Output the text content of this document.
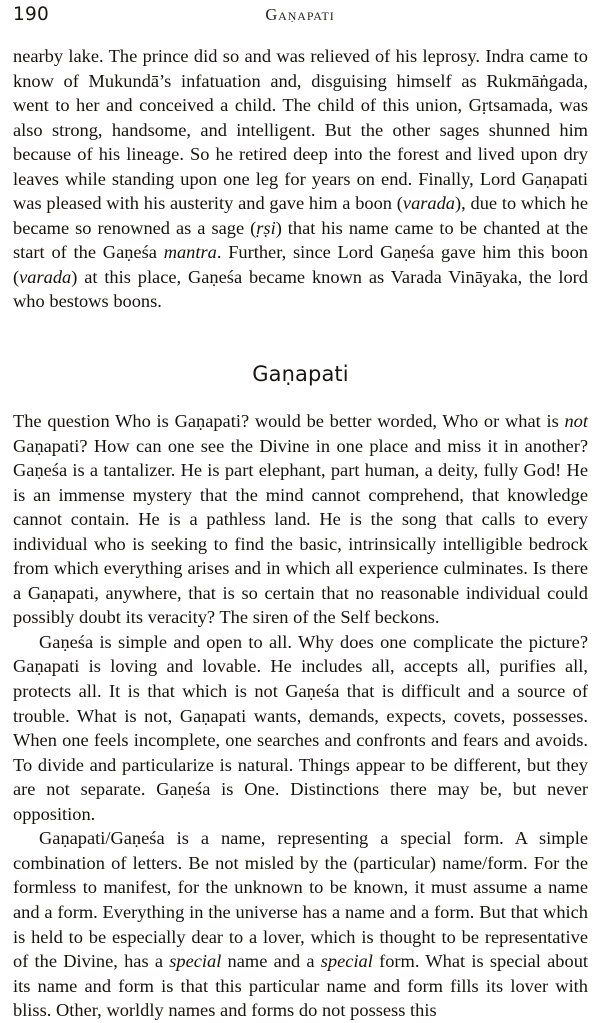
190	Gaṇapati

nearby lake. The prince did so and was relieved of his leprosy. Indra came to know of Mukundā’s infatuation and, disguising himself as Rukmāṅgada, went to her and conceived a child. The child of this union, Gṛtsamada, was also strong, handsome, and intelligent. But the other sages shunned him because of his lineage. So he retired deep into the forest and lived upon dry leaves while standing upon one leg for years on end. Finally, Lord Gaṇapati was pleased with his austerity and gave him a boon (varada), due to which he became so renowned as a sage (ṛṣi) that his name came to be chanted at the start of the Gaṇeśa mantra. Further, since Lord Gaṇeśa gave him this boon (varada) at this place, Gaṇeśa became known as Varada Vināyaka, the lord who bestows boons.

Gaṇapati

The question Who is Gaṇapati? would be better worded, Who or what is not Gaṇapati? How can one see the Divine in one place and miss it in another? Gaṇeśa is a tantalizer. He is part elephant, part human, a deity, fully God! He is an immense mystery that the mind cannot comprehend, that knowledge cannot contain. He is a pathless land. He is the song that calls to every individual who is seeking to find the basic, intrinsically intelligible bedrock from which everything arises and in which all experience culminates. Is there a Gaṇapati, anywhere, that is so certain that no reasonable individual could possibly doubt its veracity? The siren of the Self beckons.

Gaṇeśa is simple and open to all. Why does one complicate the picture? Gaṇapati is loving and lovable. He includes all, accepts all, purifies all, protects all. It is that which is not Gaṇeśa that is difficult and a source of trouble. What is not, Gaṇapati wants, demands, expects, covets, possesses. When one feels incomplete, one searches and confronts and fears and avoids. To divide and particularize is natural. Things appear to be different, but they are not separate. Gaṇeśa is One. Distinctions there may be, but never opposition.

Gaṇapati/Gaṇeśa is a name, representing a special form. A simple combination of letters. Be not misled by the (particular) name/form. For the formless to manifest, for the unknown to be known, it must assume a name and a form. Everything in the universe has a name and a form. But that which is held to be especially dear to a lover, which is thought to be representative of the Divine, has a special name and a special form. What is special about its name and form is that this particular name and form fills its lover with bliss. Other, worldly names and forms do not possess this
